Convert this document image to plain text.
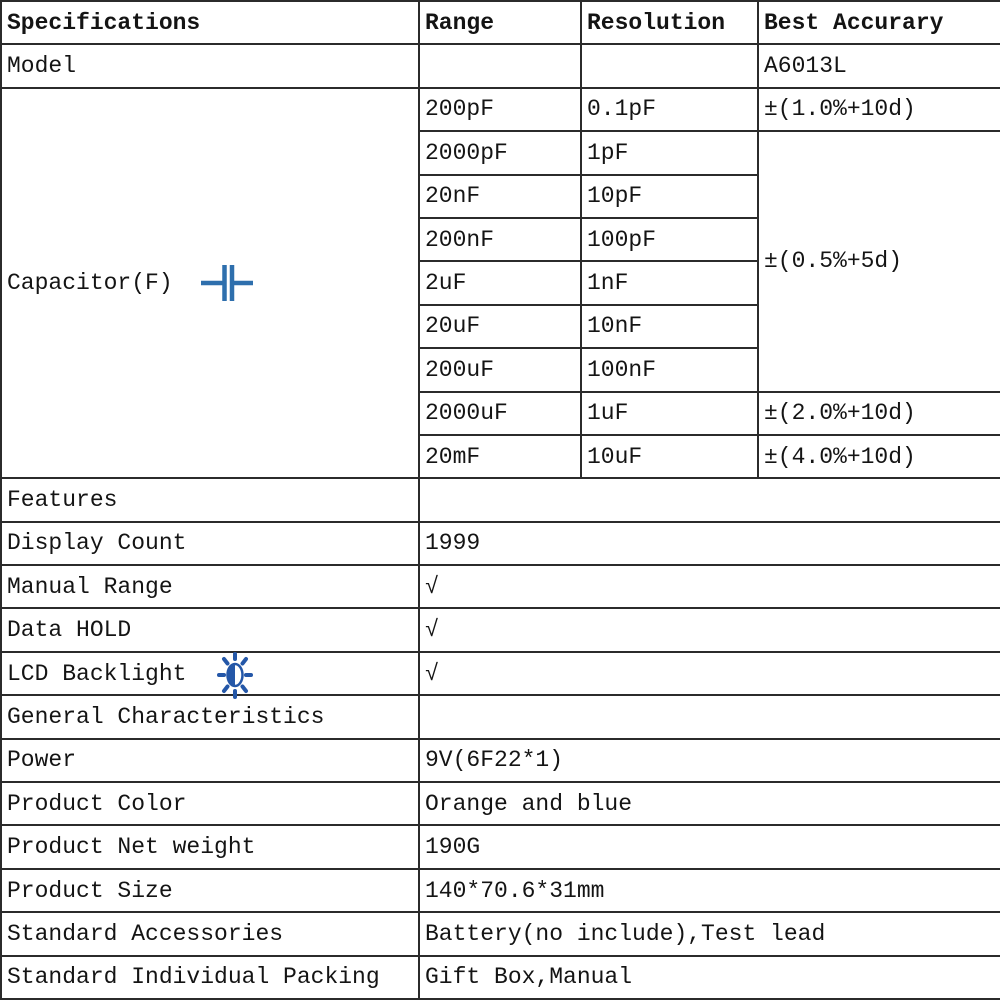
Specifications	Range	Resolution	Best Accurary
Model			A6013L

Capacitor(F)	200pF	0.1pF	±(1.0%+10d)
	2000pF	1pF	±(0.5%+5d)
	20nF	10pF	
	200nF	100pF	
	2uF	1nF	
	20uF	10nF	
	200uF	100nF	
	2000uF	1uF	±(2.0%+10d)
	20mF	10uF	±(4.0%+10d)
Features			
Display Count	1999		
Manual Range	√		
Data HOLD	√		
LCD Backlight	√		
General Characteristics			
Power	9V(6F22*1)		
Product Color	Orange and blue		
Product Net weight	190G		
Product Size	140*70.6*31mm		
Standard Accessories	Battery(no include),Test lead		
Standard Individual Packing	Gift Box,Manual		
